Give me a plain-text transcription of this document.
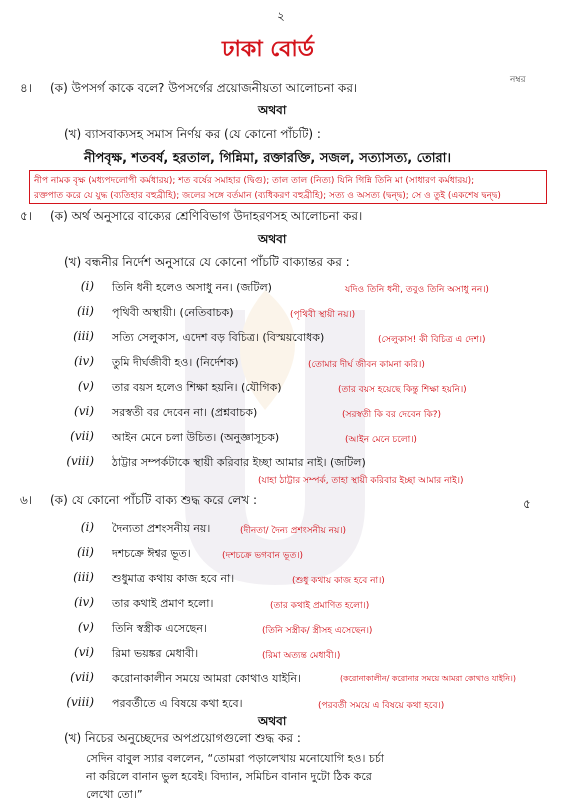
২
ঢাকা বোর্ড
নম্বর
৪। (ক) উপসর্গ কাকে বলে? উপসর্গের প্রয়োজনীয়তা আলোচনা কর।
অথবা
(খ) ব্যাসবাক্যসহ সমাস নির্ণয় কর (যে কোনো পাঁচটি) :
নীপবৃক্ষ, শতবর্ষ, হরতাল, গিন্নিমা, রক্তারক্তি, সজল, সত্যাসত্য, তোরা।
নীপ নামক বৃক্ষ (মধ্যপদলোপী কর্মধারয়); শত বর্ষের সমাহার (দ্বিগু); তাল তাল (নিত্য) যিনি গিন্নি তিনি মা (সাধারণ কর্মধারয়);
রক্তপাত করে যে যুদ্ধ (ব্যতিহার বহুব্রীহি); জলের সঙ্গে বর্তমান (ব্যধিকরণ বহুব্রীহি); সত্য ও অসত্য (দ্বন্দ্ব); সে ও তুই (একশেষ দ্বন্দ্ব)
৫। (ক) অর্থ অনুসারে বাক্যের শ্রেণিবিভাগ উদাহরণসহ আলোচনা কর।
অথবা
(খ) বন্ধনীর নির্দেশ অনুসারে যে কোনো পাঁচটি বাক্যান্তর কর :
(i) তিনি ধনী হলেও অসাধু নন। (জটিল)	যদিও তিনি ধনী, তবুও তিনি অসাধু নন।)
(ii) পৃথিবী অস্থায়ী। (নেতিবাচক)	(পৃথিবী স্থায়ী নয়।)
(iii) সত্যি সেলুকাস, এদেশ বড় বিচিত্র। (বিস্ময়বোধক)	(সেলুকাস! কী বিচিত্র এ দেশ।)
(iv) তুমি দীর্ঘজীবী হও। (নির্দেশক)	(তোমার দীর্ঘ জীবন কামনা করি।)
(v) তার বয়স হলেও শিক্ষা হয়নি। (যৌগিক)	(তার বয়স হয়েছে কিন্তু শিক্ষা হয়নি।)
(vi) সরস্বতী বর দেবেন না। (প্রশ্নবাচক)	(সরস্বতী কি বর দেবেন কি?)
(vii) আইন মেনে চলা উচিত। (অনুজ্ঞাসূচক)	(আইন মেনে চলো।)
(viii) ঠাট্টার সম্পর্কটাকে স্থায়ী করিবার ইচ্ছা আমার নাই। (জটিল)
(যাহা ঠাট্টার সম্পর্ক, তাহা স্থায়ী করিবার ইচ্ছা আমার নাই।)
৬। (ক) যে কোনো পাঁচটি বাক্য শুদ্ধ করে লেখ :	৫
(i) দৈন্যতা প্রশংসনীয় নয়।	(দীনতা/ দৈন্য প্রশংসনীয় নয়।)
(ii) দশচক্রে ঈশ্বর ভূত।	(দশচক্রে ভগবান ভূত।)
(iii) শুধুমাত্র কথায় কাজ হবে না।	(শুধু কথায় কাজ হবে না।)
(iv) তার কথাই প্রমাণ হলো।	(তার কথাই প্রমাণিত হলো।)
(v) তিনি স্বস্ত্রীক এসেছেন।	(তিনি সস্ত্রীক/ স্ত্রীসহ এসেছেন।)
(vi) রিমা ভয়ঙ্কর মেধাবী।	(রিমা অত্যন্ত মেধাবী।)
(vii) করোনাকালীন সময়ে আমরা কোথাও যাইনি।	(করোনাকালীন/ করোনার সময়ে আমরা কোথাও যাইনি।)
(viii) পরবর্তীতে এ বিষয়ে কথা হবে।	(পরবর্তী সময়ে এ বিষয়ে কথা হবে।)
অথবা
(খ) নিচের অনুচ্ছেদের অপপ্রয়োগগুলো শুদ্ধ কর :
সেদিন বাবুল স্যার বললেন, “তোমরা পড়ালেখায় মনোযোগি হও। চর্চা
না করিলে বানান ভুল হবেই। বিদ্যান, সমিচিন বানান দুটো ঠিক করে
লেখো তো।”
